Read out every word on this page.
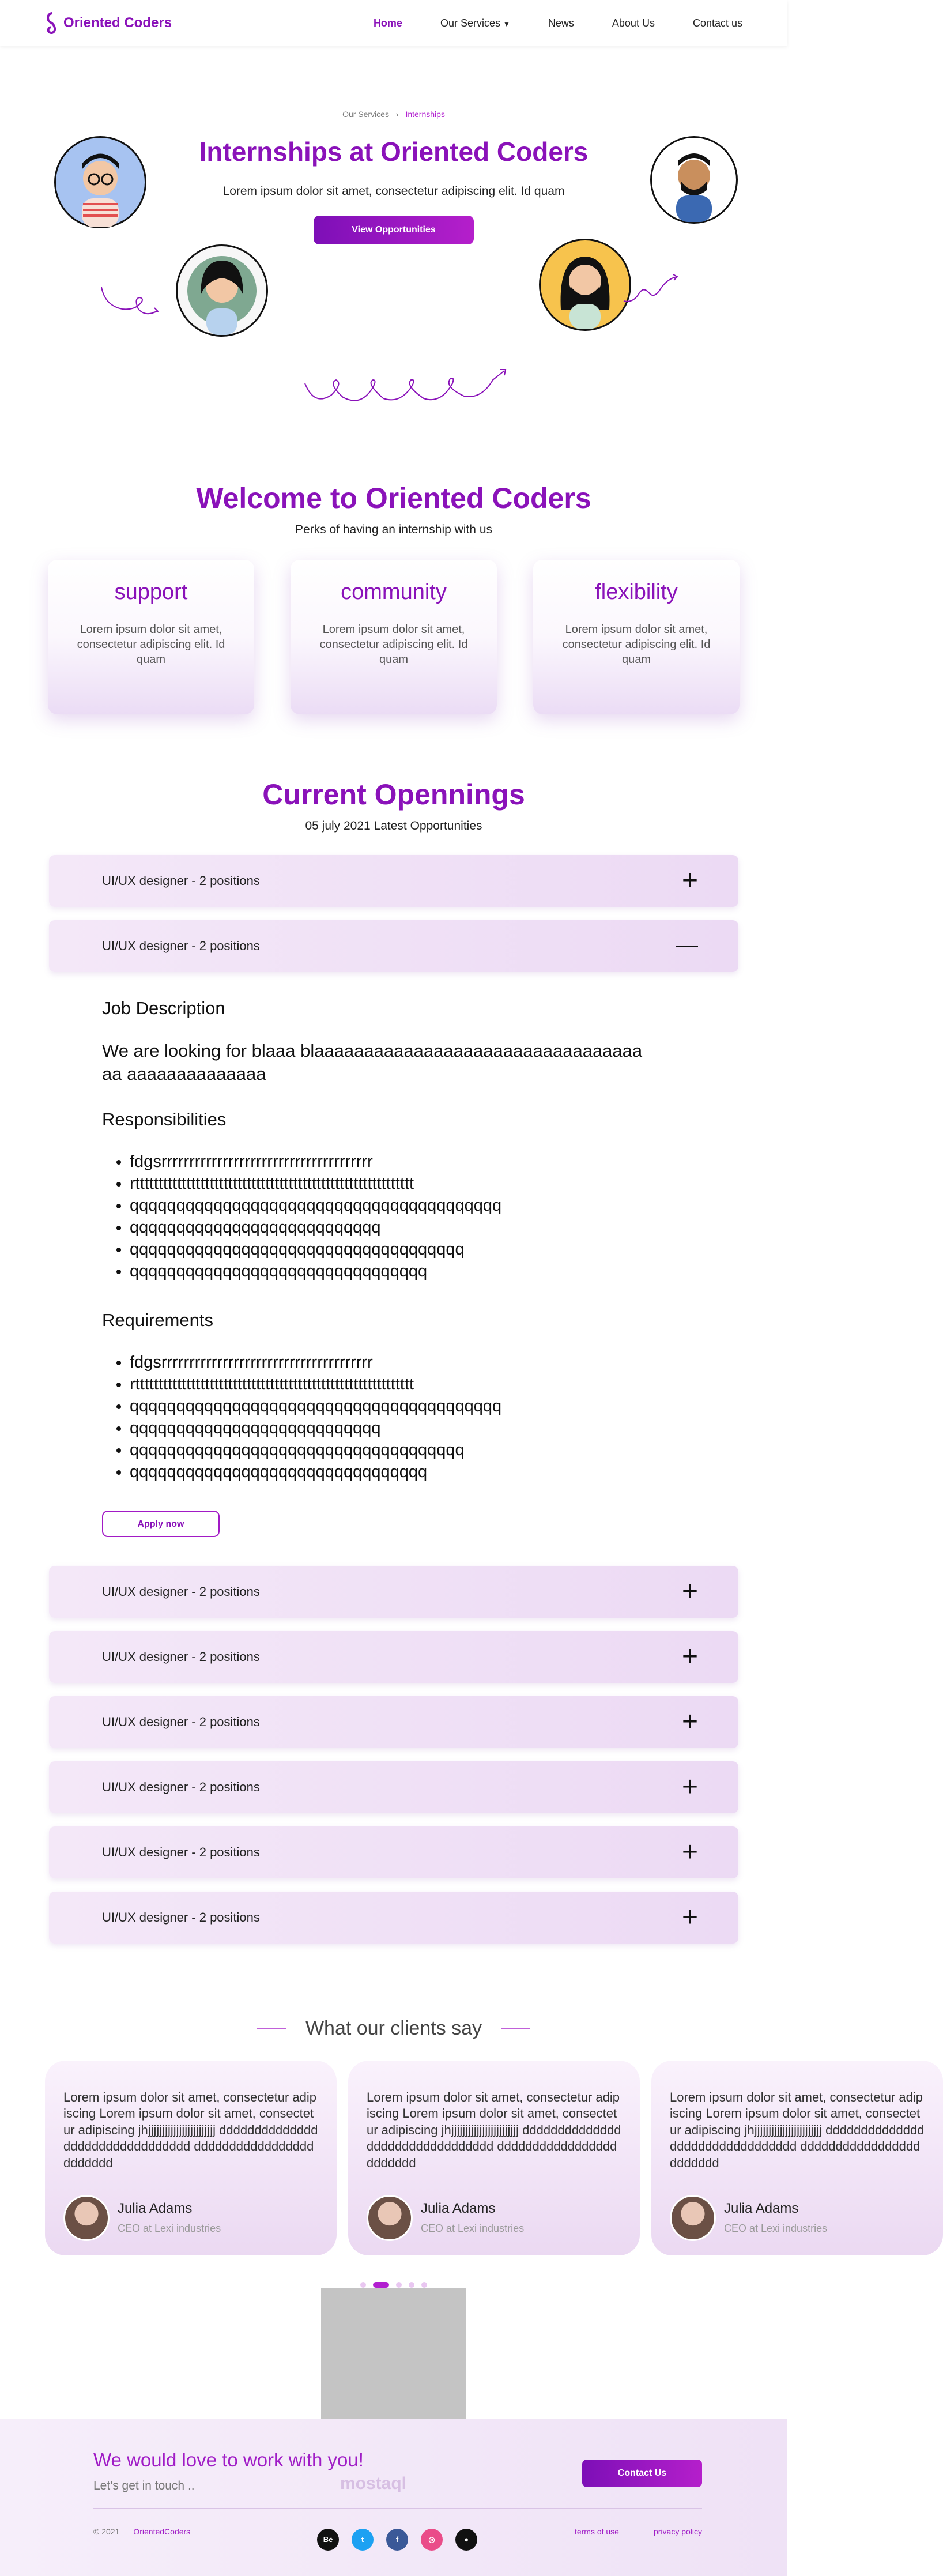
Oriented Coders	Home	Our Services ▼	News	About Us	Contact us
Our Services › Internships
Internships at Oriented Coders

Lorem ipsum dolor sit amet, consectetur adipiscing elit. Id quam

View Opportunities
Welcome to Oriented Coders

Perks of having an internship with us

support

Lorem ipsum dolor sit amet, consectetur adipiscing elit. Id quam

community

Lorem ipsum dolor sit amet, consectetur adipiscing elit. Id quam

flexibility

Lorem ipsum dolor sit amet, consectetur adipiscing elit. Id quam

Current Opennings

05 july 2021 Latest Opportunities

UI/UX designer - 2 positions	+
UI/UX designer - 2 positions
Job Description
We are looking for blaaa blaaaaaaaaaaaaaaaaaaaaaaaaaaaaaaaaaaa aaaaaaaaaaaaaa
Responsibilities
• fdgsrrrrrrrrrrrrrrrrrrrrrrrrrrrrrrrrrrrrrr
• rtttttttttttttttttttttttttttttttttttttttttttttttttttttttttttt
• qqqqqqqqqqqqqqqqqqqqqqqqqqqqqqqqqqqqqqqq
• qqqqqqqqqqqqqqqqqqqqqqqqqqq
• qqqqqqqqqqqqqqqqqqqqqqqqqqqqqqqqqqqq
• qqqqqqqqqqqqqqqqqqqqqqqqqqqqqqqq
Requirements
• fdgsrrrrrrrrrrrrrrrrrrrrrrrrrrrrrrrrrrrrrr
• rtttttttttttttttttttttttttttttttttttttttttttttttttttttttttttt
• qqqqqqqqqqqqqqqqqqqqqqqqqqqqqqqqqqqqqqqq
• qqqqqqqqqqqqqqqqqqqqqqqqqqq
• qqqqqqqqqqqqqqqqqqqqqqqqqqqqqqqqqqqq
• qqqqqqqqqqqqqqqqqqqqqqqqqqqqqqqq
Apply now
UI/UX designer - 2 positions	+
UI/UX designer - 2 positions	+
UI/UX designer - 2 positions	+
UI/UX designer - 2 positions	+
UI/UX designer - 2 positions	+
UI/UX designer - 2 positions	+
What our clients say

Lorem ipsum dolor sit amet, consectetur adipiscing Lorem ipsum dolor sit amet, consectetur adipiscing jhjjjjjjjjjjjjjjjjjjjjjjjj dddddddddddddddddddddddddddddddd dddddddddddddddddddddddd

Julia Adams
CEO at Lexi industries

Lorem ipsum dolor sit amet, consectetur adipiscing Lorem ipsum dolor sit amet, consectetur adipiscing jhjjjjjjjjjjjjjjjjjjjjjjjj dddddddddddddddddddddddddddddddd dddddddddddddddddddddddd

Julia Adams
CEO at Lexi industries

Lorem ipsum dolor sit amet, consectetur adipiscing Lorem ipsum dolor sit amet, consectetur adipiscing jhjjjjjjjjjjjjjjjjjjjjjjjj dddddddddddddddddddddddddddddddd dddddddddddddddddddddddd

Julia Adams
CEO at Lexi industries
We would love to work with you!

Let's get in touch ..

Contact Us
mostaql
© 2021 OrientedCoders	terms of use	privacy policy
Bē	t	f	◎	●
